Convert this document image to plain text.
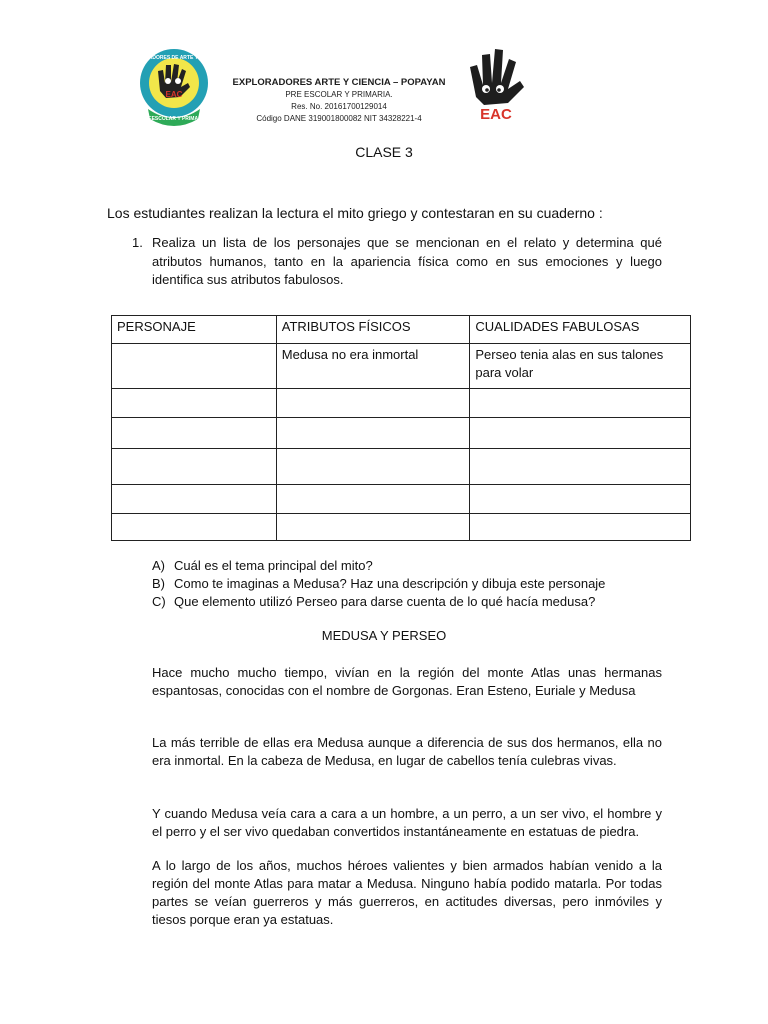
EXPLORADORES DE ARTE Y CIENCIA
EAC
PREESCOLAR Y PRIMARIA
EXPLORADORES ARTE Y CIENCIA – POPAYAN
PRE ESCOLAR Y PRIMARIA.
Res. No. 20161700129014
Código DANE 319001800082 NIT 34328221-4	EAC
CLASE 3
Los estudiantes realizan la lectura el mito griego y contestaran en su cuaderno :
1. Realiza un lista de los personajes que se mencionan en el relato y determina qué atributos humanos, tanto en la apariencia física como en sus emociones y luego identifica sus atributos fabulosos.
PERSONAJE	ATRIBUTOS FÍSICOS	CUALIDADES FABULOSAS
	Medusa no era inmortal	Perseo tenia alas en sus talones para volar

A) Cuál es el tema principal del mito?
B) Como te imaginas a Medusa? Haz una descripción y dibuja este personaje
C) Que elemento utilizó Perseo para darse cuenta de lo qué hacía medusa?
MEDUSA Y PERSEO
Hace mucho mucho tiempo, vivían en la región del monte Atlas unas hermanas espantosas, conocidas con el nombre de Gorgonas. Eran Esteno, Euriale y Medusa
La más terrible de ellas era Medusa aunque a diferencia de sus dos hermanos, ella no era inmortal. En la cabeza de Medusa, en lugar de cabellos tenía culebras vivas.
Y cuando Medusa veía cara a cara a un hombre, a un perro, a un ser vivo, el hombre y el perro y el ser vivo quedaban convertidos instantáneamente en estatuas de piedra.
A lo largo de los años, muchos héroes valientes y bien armados habían venido a la región del monte Atlas para matar a Medusa. Ninguno había podido matarla. Por todas partes se veían guerreros y más guerreros, en actitudes diversas, pero inmóviles y tiesos porque eran ya estatuas.
